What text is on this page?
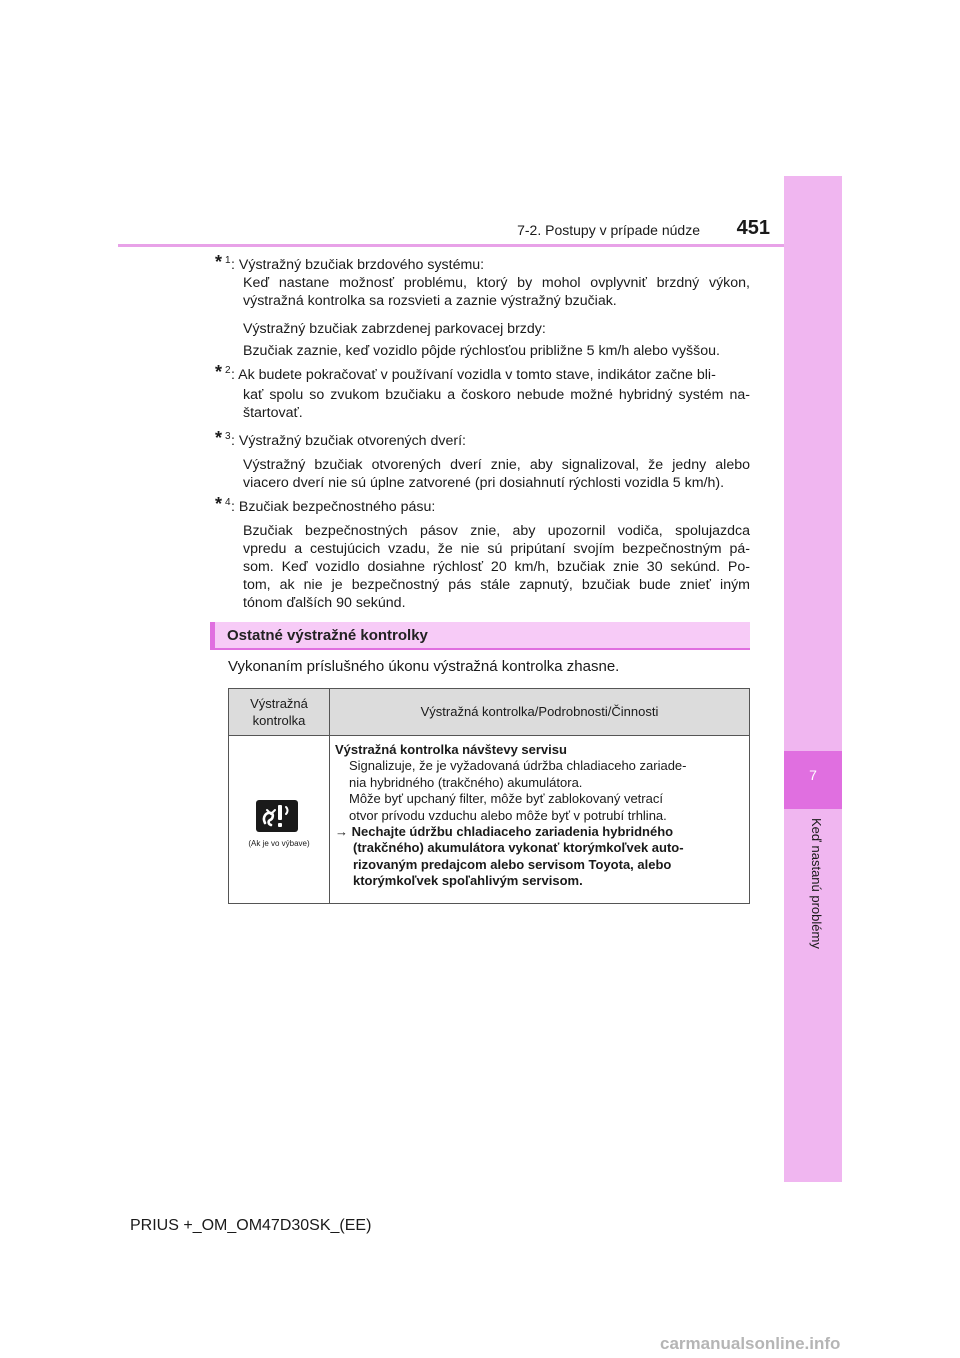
7
Keď nastanú problémy
7-2. Postupy v prípade núdze	451
* 1 : Výstražný bzučiak brzdového systému:
Keď nastane možnosť problému, ktorý by mohol ovplyvniť brzdný výkon,
výstražná kontrolka sa rozsvieti a zaznie výstražný bzučiak.
Výstražný bzučiak zabrzdenej parkovacej brzdy:
Bzučiak zaznie, keď vozidlo pôjde rýchlosťou približne 5 km/h alebo vyššou.
* 2 : Ak budete pokračovať v používaní vozidla v tomto stave, indikátor začne bli-
kať spolu so zvukom bzučiaku a čoskoro nebude možné hybridný systém na-
štartovať.
* 3 : Výstražný bzučiak otvorených dverí:
Výstražný bzučiak otvorených dverí znie, aby signalizoval, že jedny alebo
viacero dverí nie sú úplne zatvorené (pri dosiahnutí rýchlosti vozidla 5 km/h).
* 4 : Bzučiak bezpečnostného pásu:
Bzučiak bezpečnostných pásov znie, aby upozornil vodiča, spolujazdca
vpredu a cestujúcich vzadu, že nie sú pripútaní svojím bezpečnostným pá-
som. Keď vozidlo dosiahne rýchlosť 20 km/h, bzučiak znie 30 sekúnd. Po-
tom, ak nie je bezpečnostný pás stále zapnutý, bzučiak bude znieť iným
tónom ďalších 90 sekúnd.
Ostatné výstražné kontrolky
Vykonaním príslušného úkonu výstražná kontrolka zhasne.
Výstražná
kontrolka
Výstražná kontrolka/Podrobnosti/Činnosti
(Ak je vo výbave)
Výstražná kontrolka návštevy servisu
Signalizuje, že je vyžadovaná údržba chladiaceho zariade-
nia hybridného (trakčného) akumulátora.
Môže byť upchaný filter, môže byť zablokovaný vetrací
otvor prívodu vzduchu alebo môže byť v potrubí trhlina.
→ Nechajte údržbu chladiaceho zariadenia hybridného
(trakčného) akumulátora vykonať ktorýmkoľvek auto-
rizovaným predajcom alebo servisom Toyota, alebo
ktorýmkoľvek spoľahlivým servisom.
PRIUS +_OM_OM47D30SK_(EE)
carmanualsonline.info
